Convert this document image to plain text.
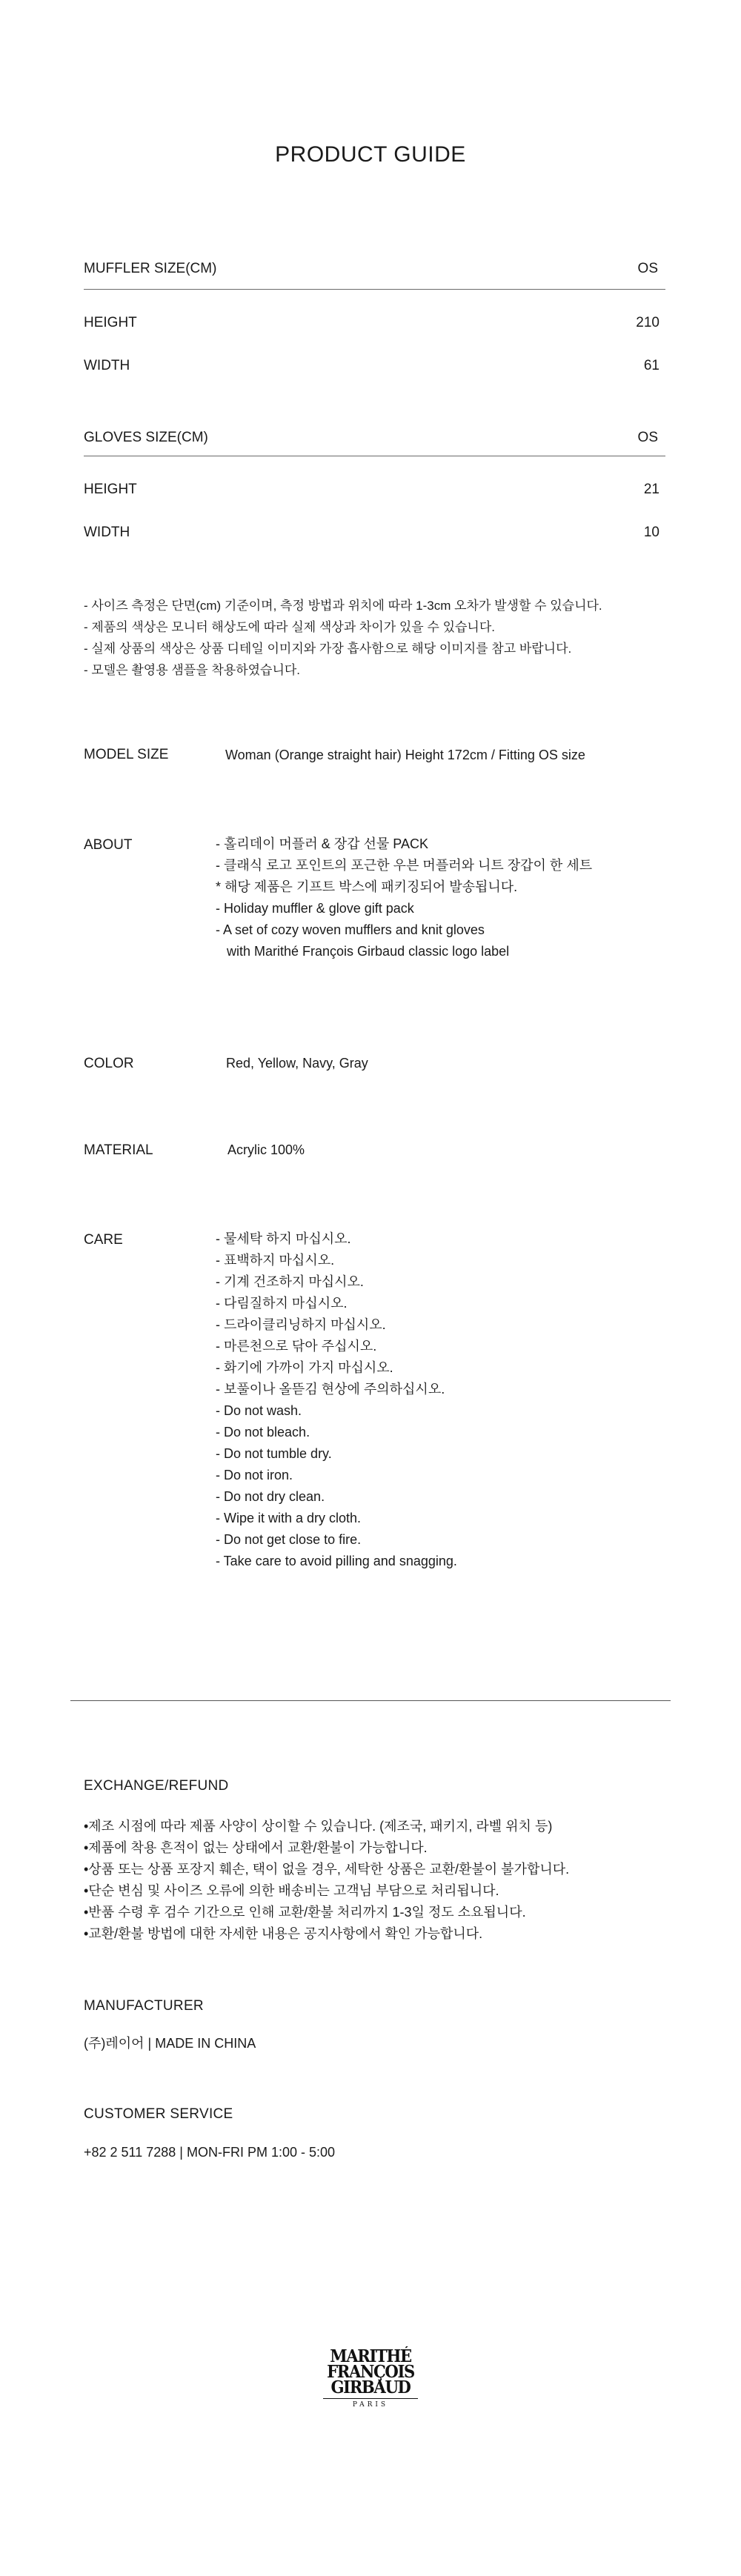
PRODUCT GUIDE
MUFFLER SIZE(CM)	OS
HEIGHT	210
WIDTH	61
GLOVES SIZE(CM)	OS
HEIGHT	21
WIDTH	10
- 사이즈 측정은 단면(cm) 기준이며, 측정 방법과 위치에 따라 1-3cm 오차가 발생할 수 있습니다.
- 제품의 색상은 모니터 해상도에 따라 실제 색상과 차이가 있을 수 있습니다.
- 실제 상품의 색상은 상품 디테일 이미지와 가장 흡사함으로 해당 이미지를 참고 바랍니다.
- 모델은 촬영용 샘플을 착용하였습니다.
MODEL SIZE	Woman (Orange straight hair) Height 172cm / Fitting OS size
ABOUT	- 홀리데이 머플러 & 장갑 선물 PACK
- 클래식 로고 포인트의 포근한 우븐 머플러와 니트 장갑이 한 세트
* 해당 제품은 기프트 박스에 패키징되어 발송됩니다.
- Holiday muffler & glove gift pack
- A set of cozy woven mufflers and knit gloves
with Marithé François Girbaud classic logo label
COLOR	Red, Yellow, Navy, Gray
MATERIAL	Acrylic 100%
CARE	- 물세탁 하지 마십시오.
- 표백하지 마십시오.
- 기계 건조하지 마십시오.
- 다림질하지 마십시오.
- 드라이클리닝하지 마십시오.
- 마른천으로 닦아 주십시오.
- 화기에 가까이 가지 마십시오.
- 보풀이나 올뜯김 현상에 주의하십시오.
- Do not wash.
- Do not bleach.
- Do not tumble dry.
- Do not iron.
- Do not dry clean.
- Wipe it with a dry cloth.
- Do not get close to fire.
- Take care to avoid pilling and snagging.
EXCHANGE/REFUND
•제조 시점에 따라 제품 사양이 상이할 수 있습니다. (제조국, 패키지, 라벨 위치 등)
•제품에 착용 흔적이 없는 상태에서 교환/환불이 가능합니다.
•상품 또는 상품 포장지 훼손, 택이 없을 경우, 세탁한 상품은 교환/환불이 불가합니다.
•단순 변심 및 사이즈 오류에 의한 배송비는 고객님 부담으로 처리됩니다.
•반품 수령 후 검수 기간으로 인해 교환/환불 처리까지 1-3일 정도 소요됩니다.
•교환/환불 방법에 대한 자세한 내용은 공지사항에서 확인 가능합니다.
MANUFACTURER
(주)레이어 | MADE IN CHINA
CUSTOMER SERVICE
+82 2 511 7288 | MON-FRI PM 1:00 - 5:00
MARITHÉ
FRANÇOIS
GIRBAUD
PARIS
